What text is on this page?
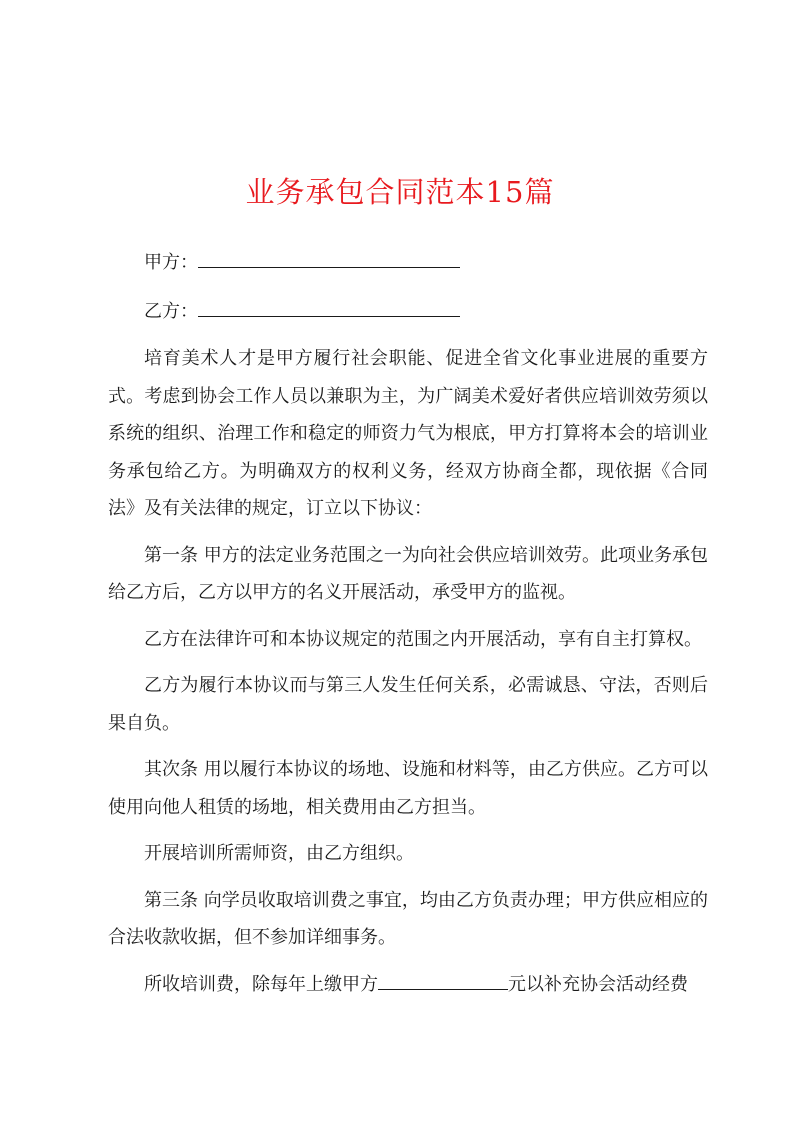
业务承包合同范本15篇

甲方：

乙方：

培育美术人才是甲方履行社会职能、促进全省文化事业进展的重要方式。考虑到协会工作人员以兼职为主，为广阔美术爱好者供应培训效劳须以系统的组织、治理工作和稳定的师资力气为根底，甲方打算将本会的培训业务承包给乙方。为明确双方的权利义务，经双方协商全都，现依据《合同法》及有关法律的规定，订立以下协议：

第一条 甲方的法定业务范围之一为向社会供应培训效劳。此项业务承包给乙方后，乙方以甲方的名义开展活动，承受甲方的监视。

乙方在法律许可和本协议规定的范围之内开展活动，享有自主打算权。

乙方为履行本协议而与第三人发生任何关系，必需诚恳、守法，否则后果自负。

其次条 用以履行本协议的场地、设施和材料等，由乙方供应。乙方可以使用向他人租赁的场地，相关费用由乙方担当。

开展培训所需师资，由乙方组织。

第三条 向学员收取培训费之事宜，均由乙方负责办理；甲方供应相应的合法收款收据，但不参加详细事务。

所收培训费，除每年上缴甲方	元以补充协会活动经费
